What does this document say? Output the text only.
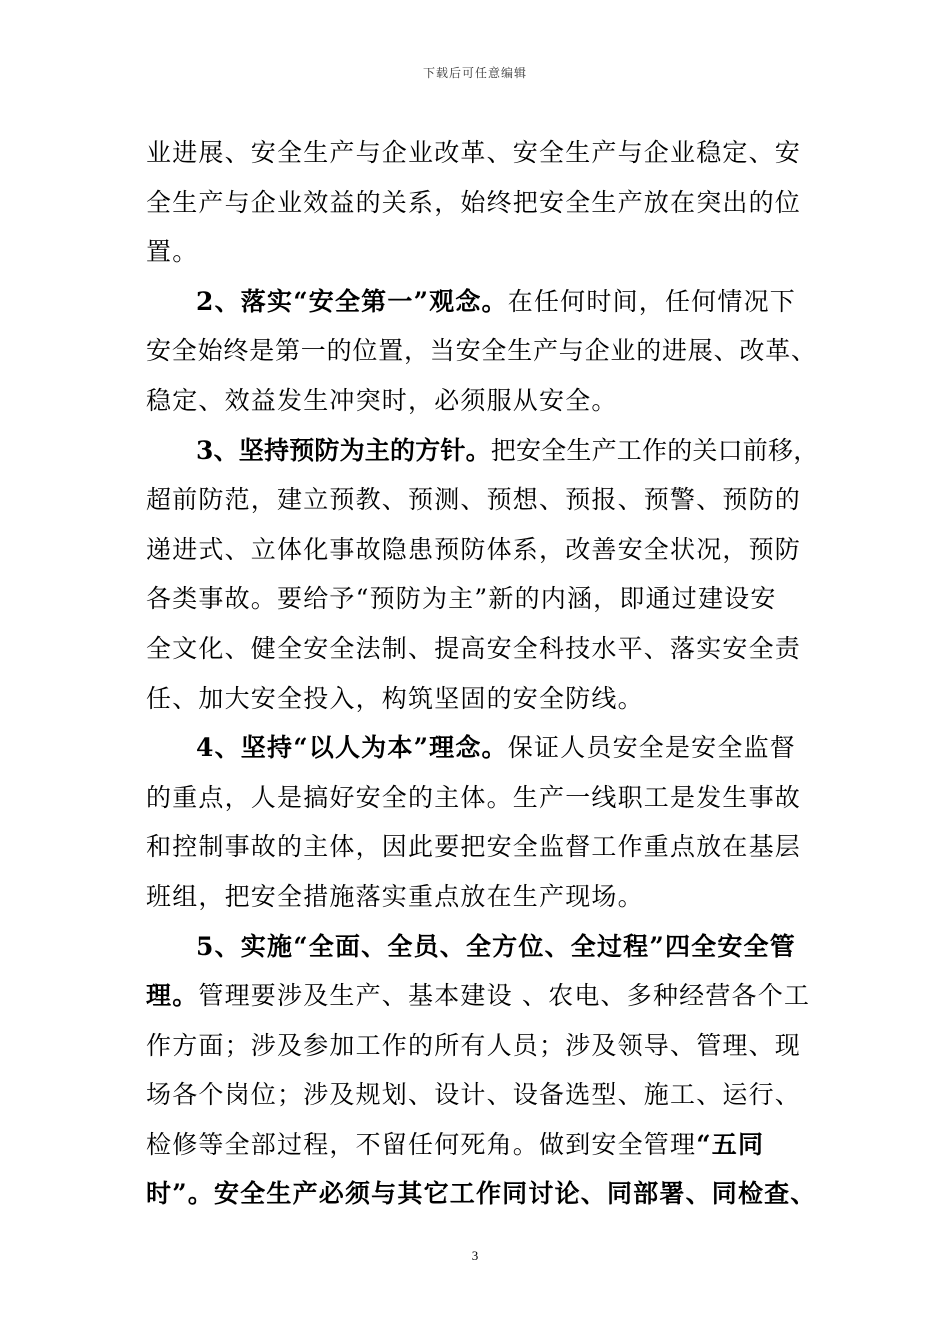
下载后可任意编辑
业进展、安全生产与企业改革、安全生产与企业稳定、安
全生产与企业效益的关系，始终把安全生产放在突出的位
置。
2、落实“安全第一”观念。在任何时间，任何情况下
安全始终是第一的位置，当安全生产与企业的进展、改革、
稳定、效益发生冲突时，必须服从安全。
3、坚持预防为主的方针。把安全生产工作的关口前移，
超前防范，建立预教、预测、预想、预报、预警、预防的
递进式、立体化事故隐患预防体系，改善安全状况，预防
各类事故。要给予“预防为主”新的内涵，即通过建设安
全文化、健全安全法制、提高安全科技水平、落实安全责
任、加大安全投入，构筑坚固的安全防线。
4、坚持“以人为本”理念。保证人员安全是安全监督
的重点，人是搞好安全的主体。生产一线职工是发生事故
和控制事故的主体，因此要把安全监督工作重点放在基层
班组，把安全措施落实重点放在生产现场。
5、实施“全面、全员、全方位、全过程”四全安全管
理。管理要涉及生产、基本建设 、农电、多种经营各个工
作方面；涉及参加工作的所有人员；涉及领导、管理、现
场各个岗位；涉及规划、设计、设备选型、施工、运行、
检修等全部过程，不留任何死角。做到安全管理“五同
时”。安全生产必须与其它工作同讨论、同部署、同检查、
3
